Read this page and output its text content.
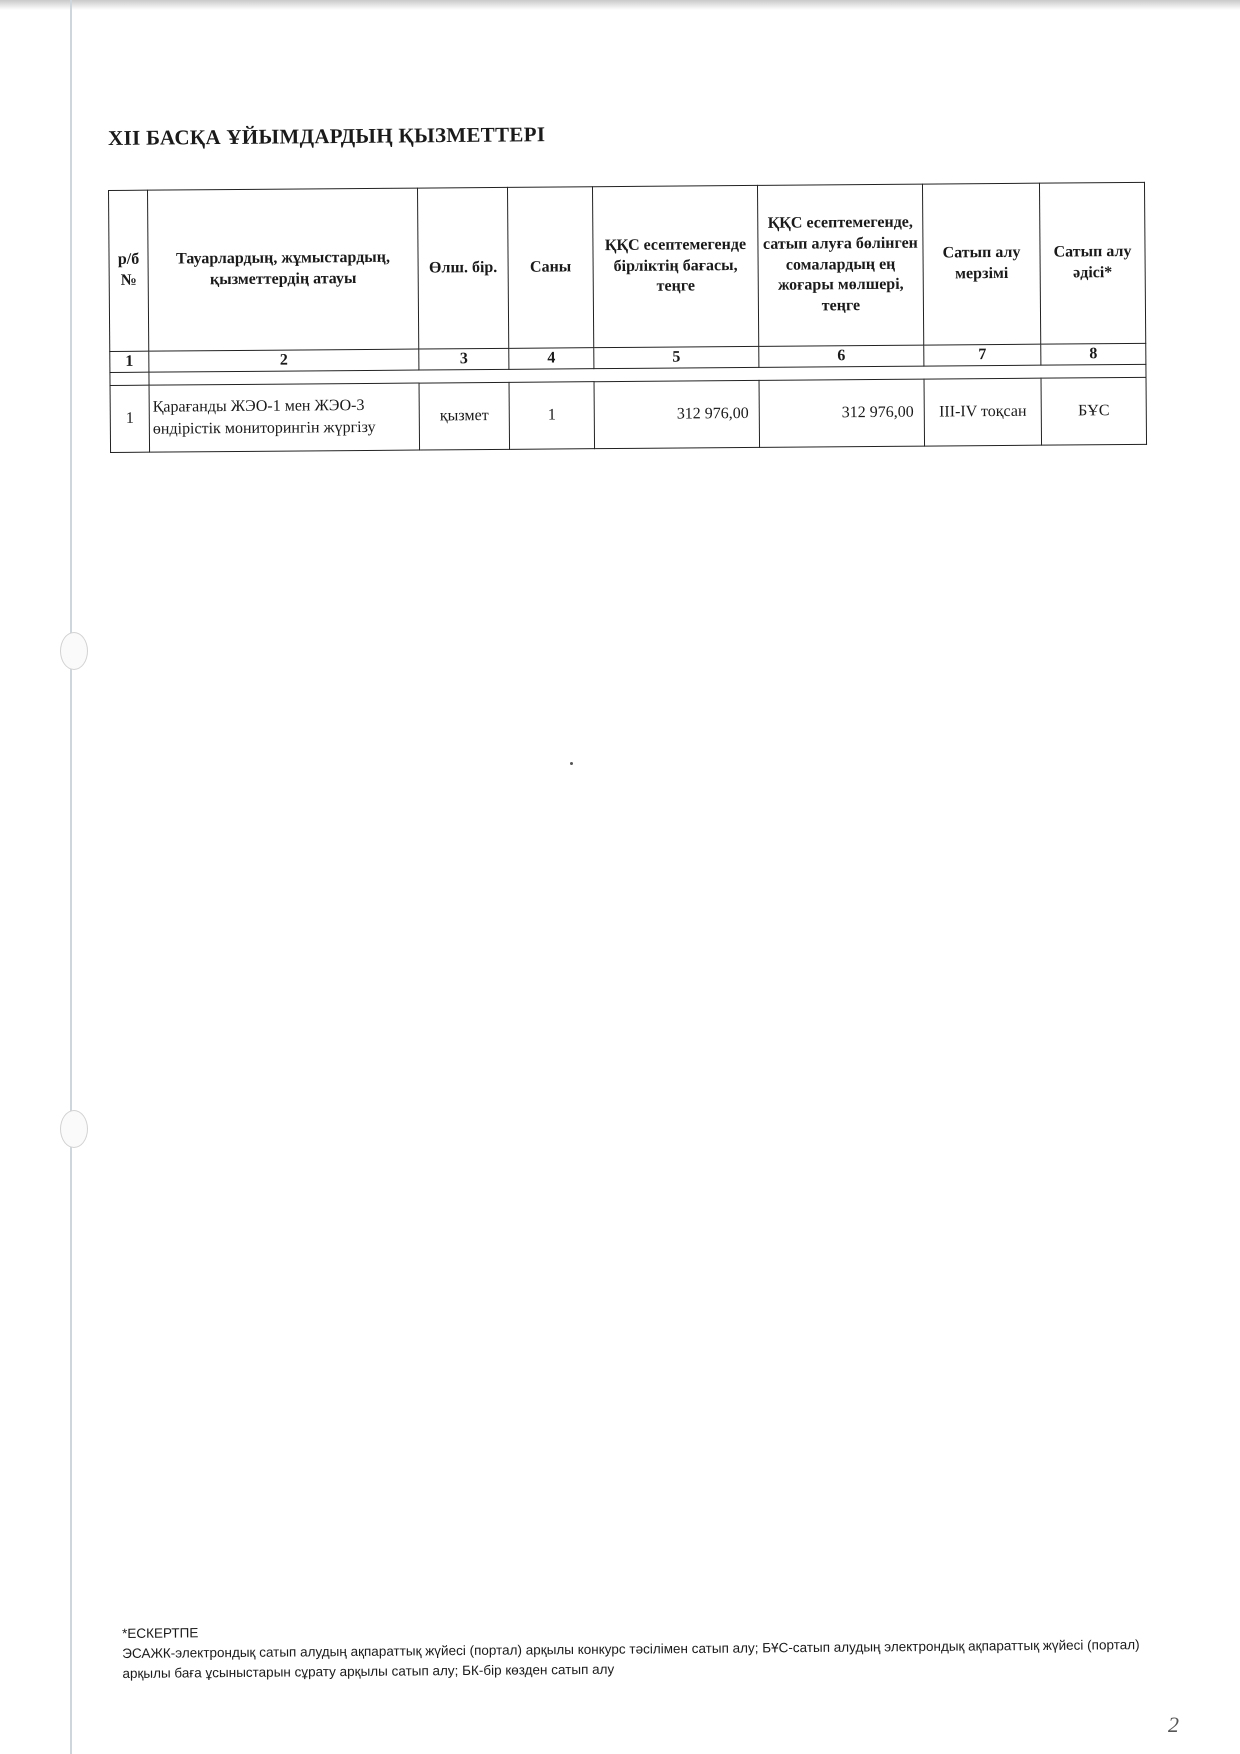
XII БАСҚА ҰЙЫМДАРДЫҢ ҚЫЗМЕТТЕРІ
р/б №	Тауарлардың, жұмыстардың, қызметтердің атауы	Өлш. бір.	Саны	ҚҚС есептемегенде бірліктің бағасы, теңге	ҚҚС есептемегенде, сатып алуға бөлінген сомалардың ең жоғары мөлшері, теңге	Сатып алу мерзімі	Сатып алу әдісі*
1	2	3	4	5	6	7	8

1	Қарағанды ЖЭО-1 мен ЖЭО-3 өндірістік мониторингін жүргізу	қызмет	1	312 976,00	312 976,00	III-IV тоқсан	БҰС

*ЕСКЕРТПЕ

ЭСАЖК-электрондық сатып алудың ақпараттық жүйесі (портал) арқылы конкурс тәсілімен сатып алу; БҰС-сатып алудың электрондық ақпараттық жүйесі (портал) арқылы баға ұсыныстарын сұрату арқылы сатып алу; БК-бір көзден сатып алу

2
